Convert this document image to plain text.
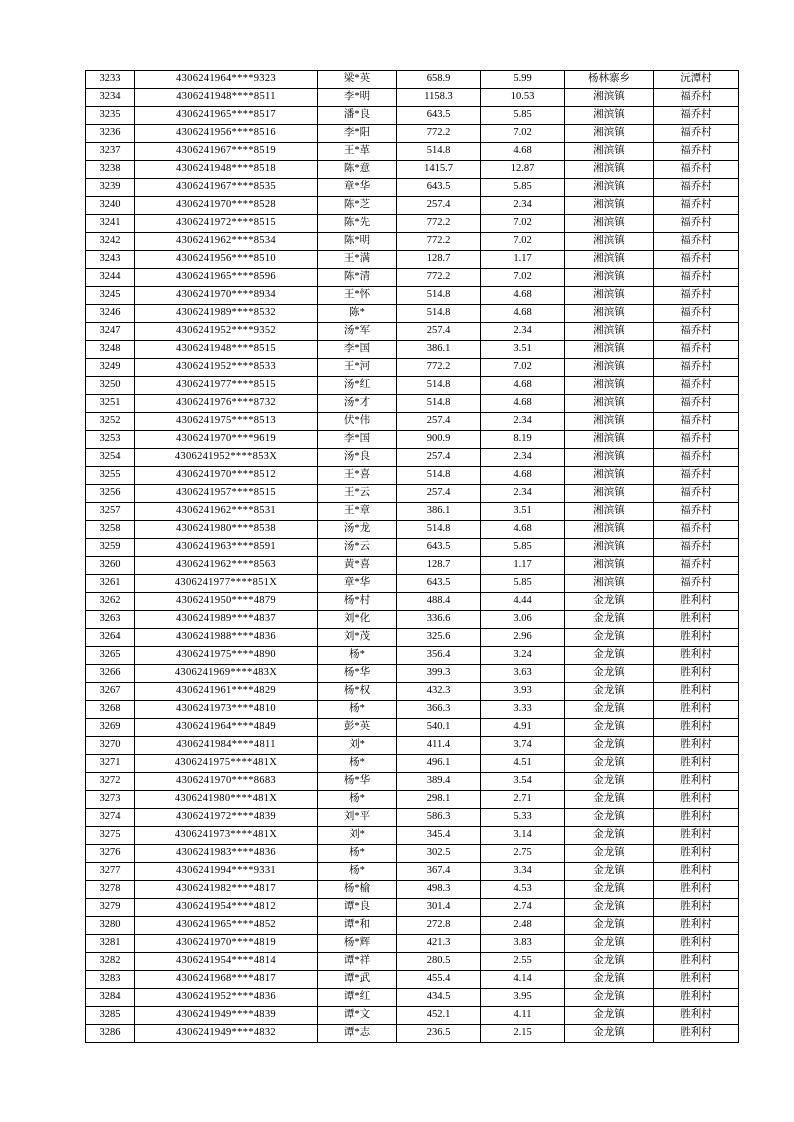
3233	4306241964****9323	梁*英	658.9	5.99	杨林寨乡	沅潭村
3234	4306241948****8511	李*明	1158.3	10.53	湘滨镇	福乔村
3235	4306241965****8517	潘*良	643.5	5.85	湘滨镇	福乔村
3236	4306241956****8516	李*阳	772.2	7.02	湘滨镇	福乔村
3237	4306241967****8519	王*革	514.8	4.68	湘滨镇	福乔村
3238	4306241948****8518	陈*意	1415.7	12.87	湘滨镇	福乔村
3239	4306241967****8535	章*华	643.5	5.85	湘滨镇	福乔村
3240	4306241970****8528	陈*芝	257.4	2.34	湘滨镇	福乔村
3241	4306241972****8515	陈*先	772.2	7.02	湘滨镇	福乔村
3242	4306241962****8534	陈*明	772.2	7.02	湘滨镇	福乔村
3243	4306241956****8510	王*满	128.7	1.17	湘滨镇	福乔村
3244	4306241965****8596	陈*清	772.2	7.02	湘滨镇	福乔村
3245	4306241970****8934	王*怀	514.8	4.68	湘滨镇	福乔村
3246	4306241989****8532	陈*	514.8	4.68	湘滨镇	福乔村
3247	4306241952****9352	汤*军	257.4	2.34	湘滨镇	福乔村
3248	4306241948****8515	李*国	386.1	3.51	湘滨镇	福乔村
3249	4306241952****8533	王*河	772.2	7.02	湘滨镇	福乔村
3250	4306241977****8515	汤*红	514.8	4.68	湘滨镇	福乔村
3251	4306241976****8732	汤*才	514.8	4.68	湘滨镇	福乔村
3252	4306241975****8513	伏*伟	257.4	2.34	湘滨镇	福乔村
3253	4306241970****9619	李*国	900.9	8.19	湘滨镇	福乔村
3254	4306241952****853X	汤*良	257.4	2.34	湘滨镇	福乔村
3255	4306241970****8512	王*喜	514.8	4.68	湘滨镇	福乔村
3256	4306241957****8515	王*云	257.4	2.34	湘滨镇	福乔村
3257	4306241962****8531	王*章	386.1	3.51	湘滨镇	福乔村
3258	4306241980****8538	汤*龙	514.8	4.68	湘滨镇	福乔村
3259	4306241963****8591	汤*云	643.5	5.85	湘滨镇	福乔村
3260	4306241962****8563	黄*喜	128.7	1.17	湘滨镇	福乔村
3261	4306241977****851X	章*华	643.5	5.85	湘滨镇	福乔村
3262	4306241950****4879	杨*村	488.4	4.44	金龙镇	胜利村
3263	4306241989****4837	刘*化	336.6	3.06	金龙镇	胜利村
3264	4306241988****4836	刘*茂	325.6	2.96	金龙镇	胜利村
3265	4306241975****4890	杨*	356.4	3.24	金龙镇	胜利村
3266	4306241969****483X	杨*华	399.3	3.63	金龙镇	胜利村
3267	4306241961****4829	杨*权	432.3	3.93	金龙镇	胜利村
3268	4306241973****4810	杨*	366.3	3.33	金龙镇	胜利村
3269	4306241964****4849	彭*英	540.1	4.91	金龙镇	胜利村
3270	4306241984****4811	刘*	411.4	3.74	金龙镇	胜利村
3271	4306241975****481X	杨*	496.1	4.51	金龙镇	胜利村
3272	4306241970****8683	杨*华	389.4	3.54	金龙镇	胜利村
3273	4306241980****481X	杨*	298.1	2.71	金龙镇	胜利村
3274	4306241972****4839	刘*平	586.3	5.33	金龙镇	胜利村
3275	4306241973****481X	刘*	345.4	3.14	金龙镇	胜利村
3276	4306241983****4836	杨*	302.5	2.75	金龙镇	胜利村
3277	4306241994****9331	杨*	367.4	3.34	金龙镇	胜利村
3278	4306241982****4817	杨*榆	498.3	4.53	金龙镇	胜利村
3279	4306241954****4812	谭*良	301.4	2.74	金龙镇	胜利村
3280	4306241965****4852	谭*和	272.8	2.48	金龙镇	胜利村
3281	4306241970****4819	杨*辉	421.3	3.83	金龙镇	胜利村
3282	4306241954****4814	谭*祥	280.5	2.55	金龙镇	胜利村
3283	4306241968****4817	谭*武	455.4	4.14	金龙镇	胜利村
3284	4306241952****4836	谭*红	434.5	3.95	金龙镇	胜利村
3285	4306241949****4839	谭*文	452.1	4.11	金龙镇	胜利村
3286	4306241949****4832	谭*志	236.5	2.15	金龙镇	胜利村
